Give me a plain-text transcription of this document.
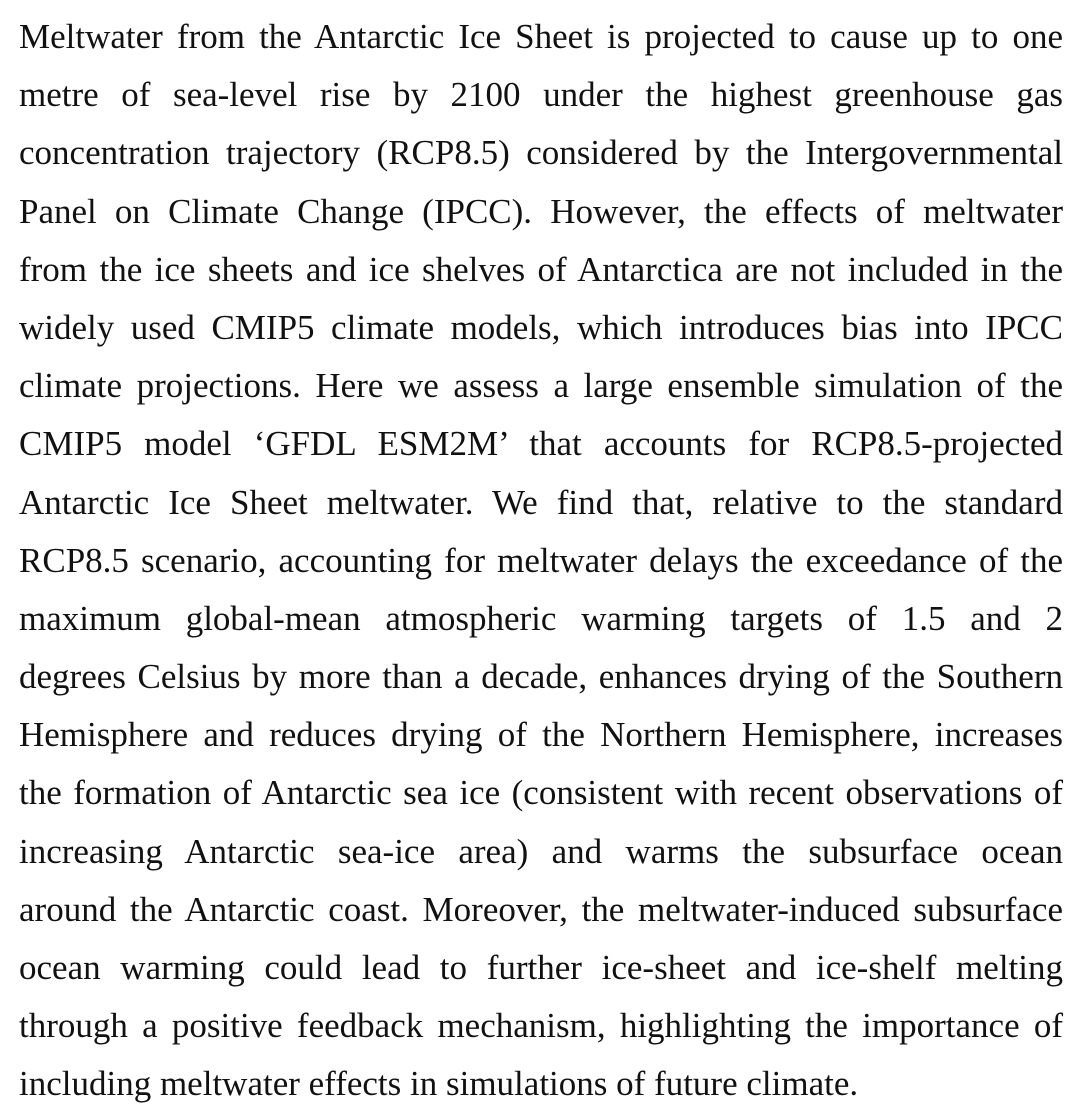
Meltwater from the Antarctic Ice Sheet is projected to cause up to one
metre of sea-level rise by 2100 under the highest greenhouse gas
concentration trajectory (RCP8.5) considered by the Intergovernmental
Panel on Climate Change (IPCC). However, the effects of meltwater
from the ice sheets and ice shelves of Antarctica are not included in the
widely used CMIP5 climate models, which introduces bias into IPCC
climate projections. Here we assess a large ensemble simulation of the
CMIP5 model ‘GFDL ESM2M’ that accounts for RCP8.5-projected
Antarctic Ice Sheet meltwater. We find that, relative to the standard
RCP8.5 scenario, accounting for meltwater delays the exceedance of the
maximum global-mean atmospheric warming targets of 1.5 and 2
degrees Celsius by more than a decade, enhances drying of the Southern
Hemisphere and reduces drying of the Northern Hemisphere, increases
the formation of Antarctic sea ice (consistent with recent observations of
increasing Antarctic sea-ice area) and warms the subsurface ocean
around the Antarctic coast. Moreover, the meltwater-induced subsurface
ocean warming could lead to further ice-sheet and ice-shelf melting
through a positive feedback mechanism, highlighting the importance of
including meltwater effects in simulations of future climate.
